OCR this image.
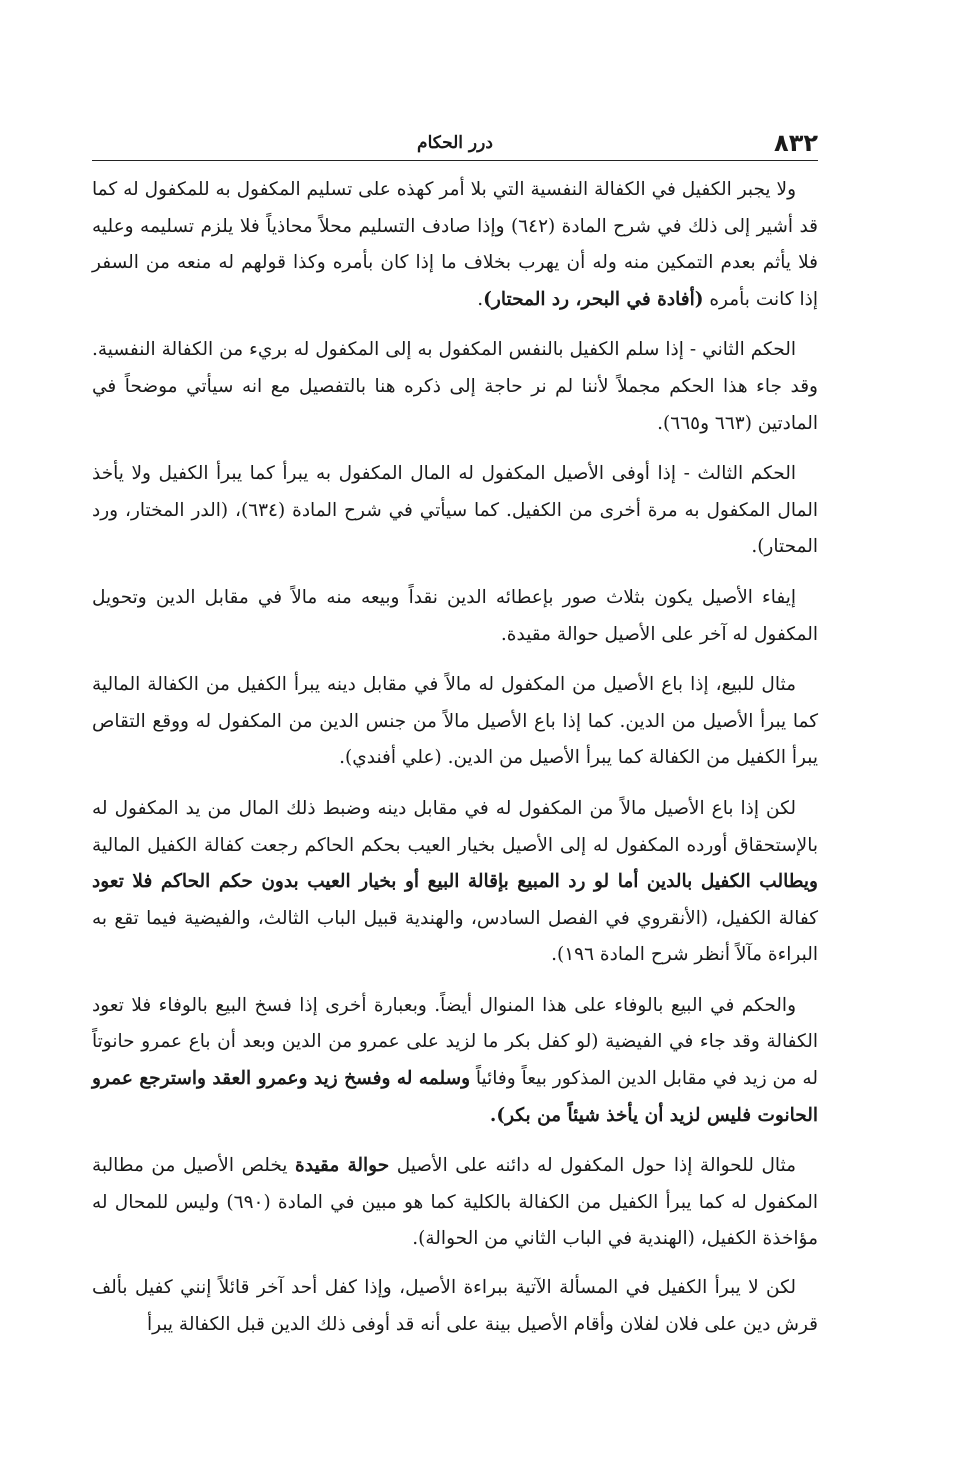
٨٣٢
درر الحكام

ولا يجبر الكفيل في الكفالة النفسية التي بلا أمر كهذه على تسليم المكفول به للمكفول له كما قد أشير إلى ذلك في شرح المادة (٦٤٢) وإذا صادف التسليم محلاً محاذياً فلا يلزم تسليمه وعليه فلا يأثم بعدم التمكين منه وله أن يهرب بخلاف ما إذا كان بأمره وكذا قولهم له منعه من السفر إذا كانت بأمره (أفادة في البحر، رد المحتار).

الحكم الثاني - إذا سلم الكفيل بالنفس المكفول به إلى المكفول له بريء من الكفالة النفسية. وقد جاء هذا الحكم مجملاً لأننا لم نر حاجة إلى ذكره هنا بالتفصيل مع انه سيأتي موضحاً في المادتين (٦٦٣ و٦٦٥).

الحكم الثالث - إذا أوفى الأصيل المكفول له المال المكفول به يبرأ كما يبرأ الكفيل ولا يأخذ المال المكفول به مرة أخرى من الكفيل. كما سيأتي في شرح المادة (٦٣٤)، (الدر المختار، ورد المحتار).

إيفاء الأصيل يكون بثلاث صور بإعطائه الدين نقداً وبيعه منه مالاً في مقابل الدين وتحويل المكفول له آخر على الأصيل حوالة مقيدة.

مثال للبيع، إذا باع الأصيل من المكفول له مالاً في مقابل دينه يبرأ الكفيل من الكفالة المالية كما يبرأ الأصيل من الدين. كما إذا باع الأصيل مالاً من جنس الدين من المكفول له ووقع التقاص يبرأ الكفيل من الكفالة كما يبرأ الأصيل من الدين. (علي أفندي).

لكن إذا باع الأصيل مالاً من المكفول له في مقابل دينه وضبط ذلك المال من يد المكفول له بالإستحقاق أورده المكفول له إلى الأصيل بخيار العيب بحكم الحاكم رجعت كفالة الكفيل المالية ويطالب الكفيل بالدين أما لو رد المبيع بإقالة البيع أو بخيار العيب بدون حكم الحاكم فلا تعود كفالة الكفيل، (الأنقروي في الفصل السادس، والهندية قبيل الباب الثالث، والفيضية فيما تقع به البراءة مآلاً أنظر شرح المادة ١٩٦).

والحكم في البيع بالوفاء على هذا المنوال أيضاً. وبعبارة أخرى إذا فسخ البيع بالوفاء فلا تعود الكفالة وقد جاء في الفيضية (لو كفل بكر ما لزيد على عمرو من الدين وبعد أن باع عمرو حانوتاً له من زيد في مقابل الدين المذكور بيعاً وفائياً وسلمه له وفسخ زيد وعمرو العقد واسترجع عمرو الحانوت فليس لزيد أن يأخذ شيئاً من بكر).

مثال للحوالة إذا حول المكفول له دائنه على الأصيل حوالة مقيدة يخلص الأصيل من مطالبة المكفول له كما يبرأ الكفيل من الكفالة بالكلية كما هو مبين في المادة (٦٩٠) وليس للمحال له مؤاخذة الكفيل، (الهندية في الباب الثاني من الحوالة).

لكن لا يبرأ الكفيل في المسألة الآتية ببراءة الأصيل، وإذا كفل أحد آخر قائلاً إنني كفيل بألف قرش دين على فلان لفلان وأقام الأصيل بينة على أنه قد أوفى ذلك الدين قبل الكفالة يبرأ
